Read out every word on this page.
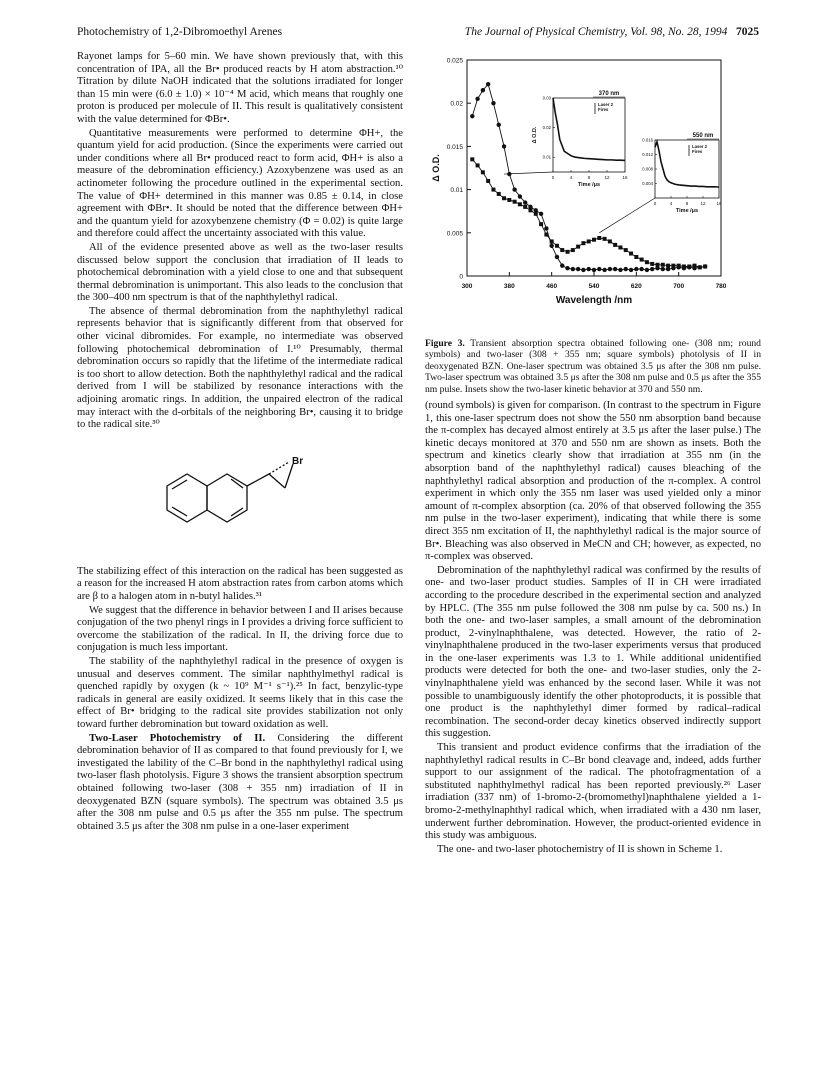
Photochemistry of 1,2-Dibromoethyl Arenes	The Journal of Physical Chemistry, Vol. 98, No. 28, 1994 7025

Rayonet lamps for 5–60 min. We have shown previously that, with this concentration of IPA, all the Br• produced reacts by H atom abstraction.¹⁰ Titration by dilute NaOH indicated that the solutions irradiated for longer than 15 min were (6.0 ± 1.0) × 10⁻⁴ M acid, which means that roughly one proton is produced per molecule of II. This result is qualitatively consistent with the value determined for ΦBr•.

Quantitative measurements were performed to determine ΦH+, the quantum yield for acid production. (Since the experiments were carried out under conditions where all Br• produced react to form acid, ΦH+ is also a measure of the debromination efficiency.) Azoxybenzene was used as an actinometer following the procedure outlined in the experimental section. The value of ΦH+ determined in this manner was 0.85 ± 0.14, in close agreement with ΦBr•. It should be noted that the difference between ΦH+ and the quantum yield for azoxybenzene chemistry (Φ = 0.02) is quite large and therefore could affect the uncertainty associated with this value.

All of the evidence presented above as well as the two-laser results discussed below support the conclusion that irradiation of II leads to photochemical debromination with a yield close to one and that subsequent thermal debromination is unimportant. This also leads to the conclusion that the 300–400 nm spectrum is that of the naphthylethyl radical.

The absence of thermal debromination from the naphthylethyl radical represents behavior that is significantly different from that observed for other vicinal dibromides. For example, no intermediate was observed following photochemical debromination of I.¹⁰ Presumably, thermal debromination occurs so rapidly that the lifetime of the intermediate radical is too short to allow detection. Both the naphthylethyl radical and the radical derived from I will be stabilized by resonance interactions with the adjoining aromatic rings. In addition, the unpaired electron of the radical may interact with the d-orbitals of the neighboring Br•, causing it to bridge to the radical site.³⁰

Br

The stabilizing effect of this interaction on the radical has been suggested as a reason for the increased H atom abstraction rates from carbon atoms which are β to a halogen atom in n-butyl halides.³¹

We suggest that the difference in behavior between I and II arises because conjugation of the two phenyl rings in I provides a driving force sufficient to overcome the stabilization of the radical. In II, the driving force due to conjugation is much less important.

The stability of the naphthylethyl radical in the presence of oxygen is unusual and deserves comment. The similar naphthylmethyl radical is quenched rapidly by oxygen (k ~ 10⁹ M⁻¹ s⁻¹).²⁵ In fact, benzylic-type radicals in general are easily oxidized. It seems likely that in this case the effect of Br• bridging to the radical site provides stabilization not only toward further debromination but toward oxidation as well.

Two-Laser Photochemistry of II. Considering the different debromination behavior of II as compared to that found previously for I, we investigated the lability of the C–Br bond in the naphthylethyl radical using two-laser flash photolysis. Figure 3 shows the transient absorption spectrum obtained following two-laser (308 + 355 nm) irradiation of II in deoxygenated BZN (square symbols). The spectrum was obtained 3.5 μs after the 308 nm pulse and 0.5 μs after the 355 nm pulse. The spectrum obtained 3.5 μs after the 308 nm pulse in a one-laser experiment

300	380	460	540	620	700	780
0
0.005
0.01
0.015
0.02
0.025
Wavelength /nm
Δ O.D.	0	4	8	12	16
0.01
0.02
0.03
Time /μs
Δ O.D.
370 nm
Laser 2
Fires
0	4	8	12 16
0.004
0.008
0.012
0.016
Time /μs
550 nm
Laser 2
Fires
Figure 3. Transient absorption spectra obtained following one- (308 nm; round symbols) and two-laser (308 + 355 nm; square symbols) photolysis of II in deoxygenated BZN. One-laser spectrum was obtained 3.5 μs after the 308 nm pulse. Two-laser spectrum was obtained 3.5 μs after the 308 nm pulse and 0.5 μs after the 355 nm pulse. Insets show the two-laser kinetic behavior at 370 and 550 nm.

(round symbols) is given for comparison. (In contrast to the spectrum in Figure 1, this one-laser spectrum does not show the 550 nm absorption band because the π-complex has decayed almost entirely at 3.5 μs after the laser pulse.) The kinetic decays monitored at 370 and 550 nm are shown as insets. Both the spectrum and kinetics clearly show that irradiation at 355 nm (in the absorption band of the naphthylethyl radical) causes bleaching of the naphthylethyl radical absorption and production of the π-complex. A control experiment in which only the 355 nm laser was used yielded only a minor amount of π-complex absorption (ca. 20% of that observed following the 355 nm pulse in the two-laser experiment), indicating that while there is some direct 355 nm excitation of II, the naphthylethyl radical is the major source of Br•. Bleaching was also observed in MeCN and CH; however, as expected, no π-complex was observed.

Debromination of the naphthylethyl radical was confirmed by the results of one- and two-laser product studies. Samples of II in CH were irradiated according to the procedure described in the experimental section and analyzed by HPLC. (The 355 nm pulse followed the 308 nm pulse by ca. 500 ns.) In both the one- and two-laser samples, a small amount of the debromination product, 2-vinylnaphthalene, was detected. However, the ratio of 2-vinylnaphthalene produced in the two-laser experiments versus that produced in the one-laser experiments was 1.3 to 1. While additional unidentified products were detected for both the one- and two-laser studies, only the 2-vinylnaphthalene yield was enhanced by the second laser. While it was not possible to unambiguously identify the other photoproducts, it is possible that one product is the naphthylethyl dimer formed by radical–radical recombination. The second-order decay kinetics observed indirectly support this suggestion.

This transient and product evidence confirms that the irradiation of the naphthylethyl radical results in C–Br bond cleavage and, indeed, adds further support to our assignment of the radical. The photofragmentation of a substituted naphthylmethyl radical has been reported previously.²⁶ Laser irradiation (337 nm) of 1-bromo-2-(bromomethyl)naphthalene yielded a 1-bromo-2-methylnaphthyl radical which, when irradiated with a 430 nm laser, underwent further debromination. However, the product-oriented evidence in this study was ambiguous.

The one- and two-laser photochemistry of II is shown in Scheme 1.
